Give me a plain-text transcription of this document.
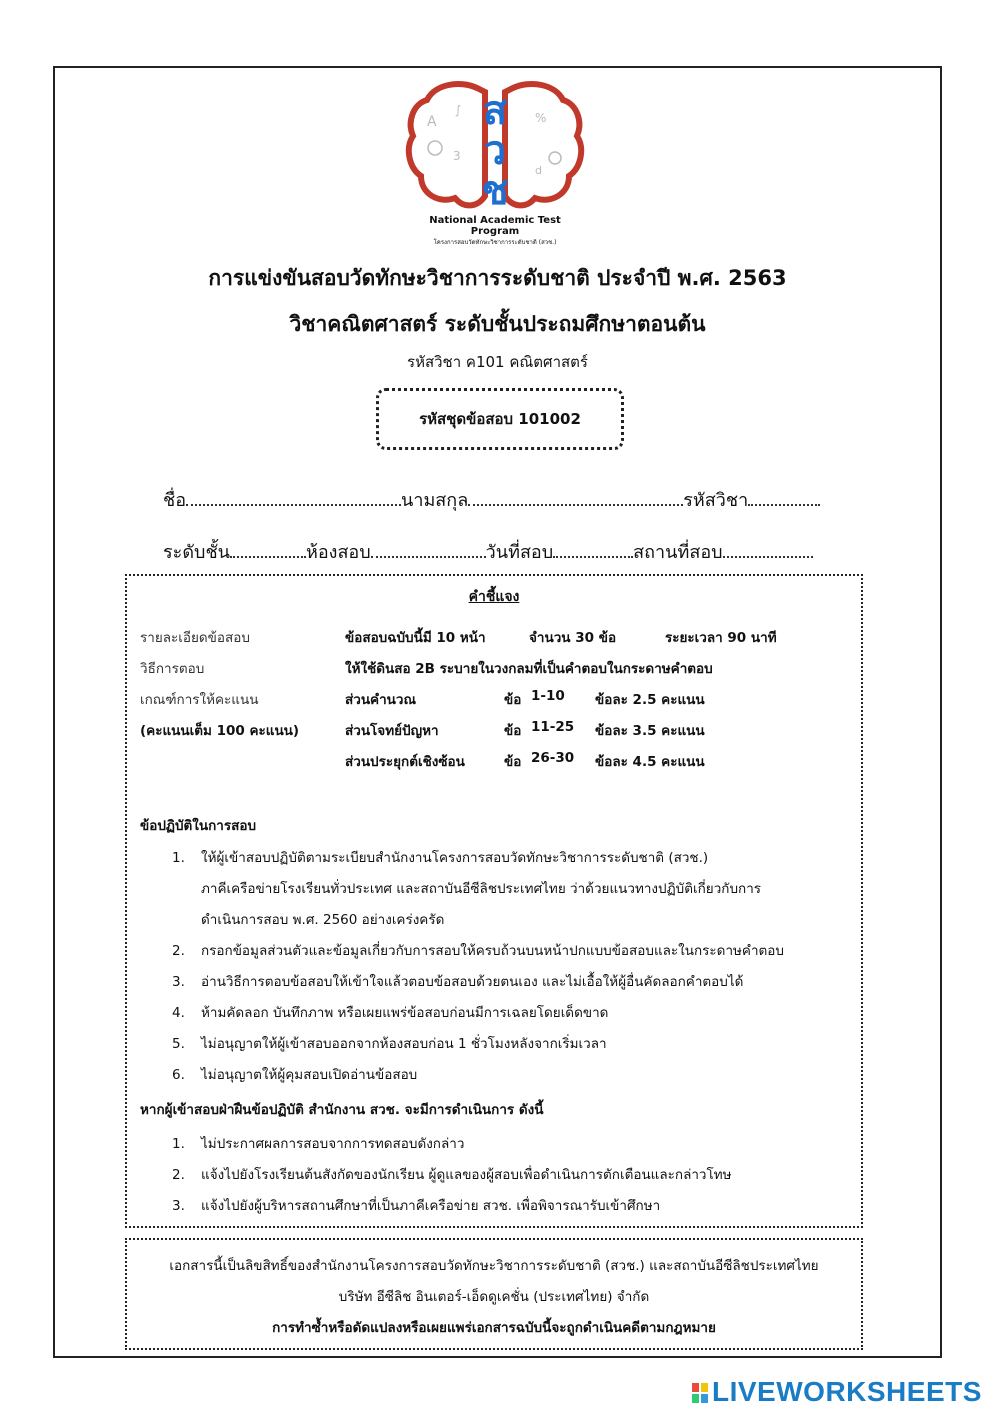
A
∫
3
%
d
ส
ว
ช
National Academic Test Program
โครงการสอบวัดทักษะวิชาการระดับชาติ (สวช.)
การแข่งขันสอบวัดทักษะวิชาการระดับชาติ ประจำปี พ.ศ. 2563
วิชาคณิตศาสตร์ ระดับชั้นประถมศึกษาตอนต้น
รหัสวิชา ค101 คณิตศาสตร์
รหัสชุดข้อสอบ 101002
ชื่อ	นามสกุล	รหัสวิชา
ระดับชั้น	ห้องสอบ	วันที่สอบ	สถานที่สอบ
คำชี้แจง
รายละเอียดข้อสอบ	ข้อสอบฉบับนี้มี 10 หน้า	จำนวน 30 ข้อ	ระยะเวลา 90 นาที
วิธีการตอบ	ให้ใช้ดินสอ 2B ระบายในวงกลมที่เป็นคำตอบในกระดาษคำตอบ
เกณฑ์การให้คะแนน
(คะแนนเต็ม 100 คะแนน)
ส่วนคำนวณ	ข้อ 1-10 ข้อละ 2.5 คะแนน
ส่วนโจทย์ปัญหา	ข้อ 11-25 ข้อละ 3.5 คะแนน
ส่วนประยุกต์เชิงซ้อน	ข้อ 26-30 ข้อละ 4.5 คะแนน
ข้อปฏิบัติในการสอบ
1. ให้ผู้เข้าสอบปฏิบัติตามระเบียบสำนักงานโครงการสอบวัดทักษะวิชาการระดับชาติ (สวช.)
ภาคีเครือข่ายโรงเรียนทั่วประเทศ และสถาบันอีซีลิชประเทศไทย ว่าด้วยแนวทางปฏิบัติเกี่ยวกับการ
ดำเนินการสอบ พ.ศ. 2560 อย่างเคร่งครัด
2. กรอกข้อมูลส่วนตัวและข้อมูลเกี่ยวกับการสอบให้ครบถ้วนบนหน้าปกแบบข้อสอบและในกระดาษคำตอบ
3. อ่านวิธีการตอบข้อสอบให้เข้าใจแล้วตอบข้อสอบด้วยตนเอง และไม่เอื้อให้ผู้อื่นคัดลอกคำตอบได้
4. ห้ามคัดลอก บันทึกภาพ หรือเผยแพร่ข้อสอบก่อนมีการเฉลยโดยเด็ดขาด
5. ไม่อนุญาตให้ผู้เข้าสอบออกจากห้องสอบก่อน 1 ชั่วโมงหลังจากเริ่มเวลา
6. ไม่อนุญาตให้ผู้คุมสอบเปิดอ่านข้อสอบ
หากผู้เข้าสอบฝ่าฝืนข้อปฏิบัติ สำนักงาน สวช. จะมีการดำเนินการ ดังนี้
1. ไม่ประกาศผลการสอบจากการทดสอบดังกล่าว
2. แจ้งไปยังโรงเรียนต้นสังกัดของนักเรียน ผู้ดูแลของผู้สอบเพื่อดำเนินการตักเตือนและกล่าวโทษ
3. แจ้งไปยังผู้บริหารสถานศึกษาที่เป็นภาคีเครือข่าย สวช. เพื่อพิจารณารับเข้าศึกษา
เอกสารนี้เป็นลิขสิทธิ์ของสำนักงานโครงการสอบวัดทักษะวิชาการระดับชาติ (สวช.) และสถาบันอีซีลิชประเทศไทย
บริษัท อีซีลิช อินเตอร์-เอ็ดดูเคชั่น (ประเทศไทย) จำกัด
การทำซ้ำหรือดัดแปลงหรือเผยแพร่เอกสารฉบับนี้จะถูกดำเนินคดีตามกฎหมาย
LIVEWORKSHEETS
